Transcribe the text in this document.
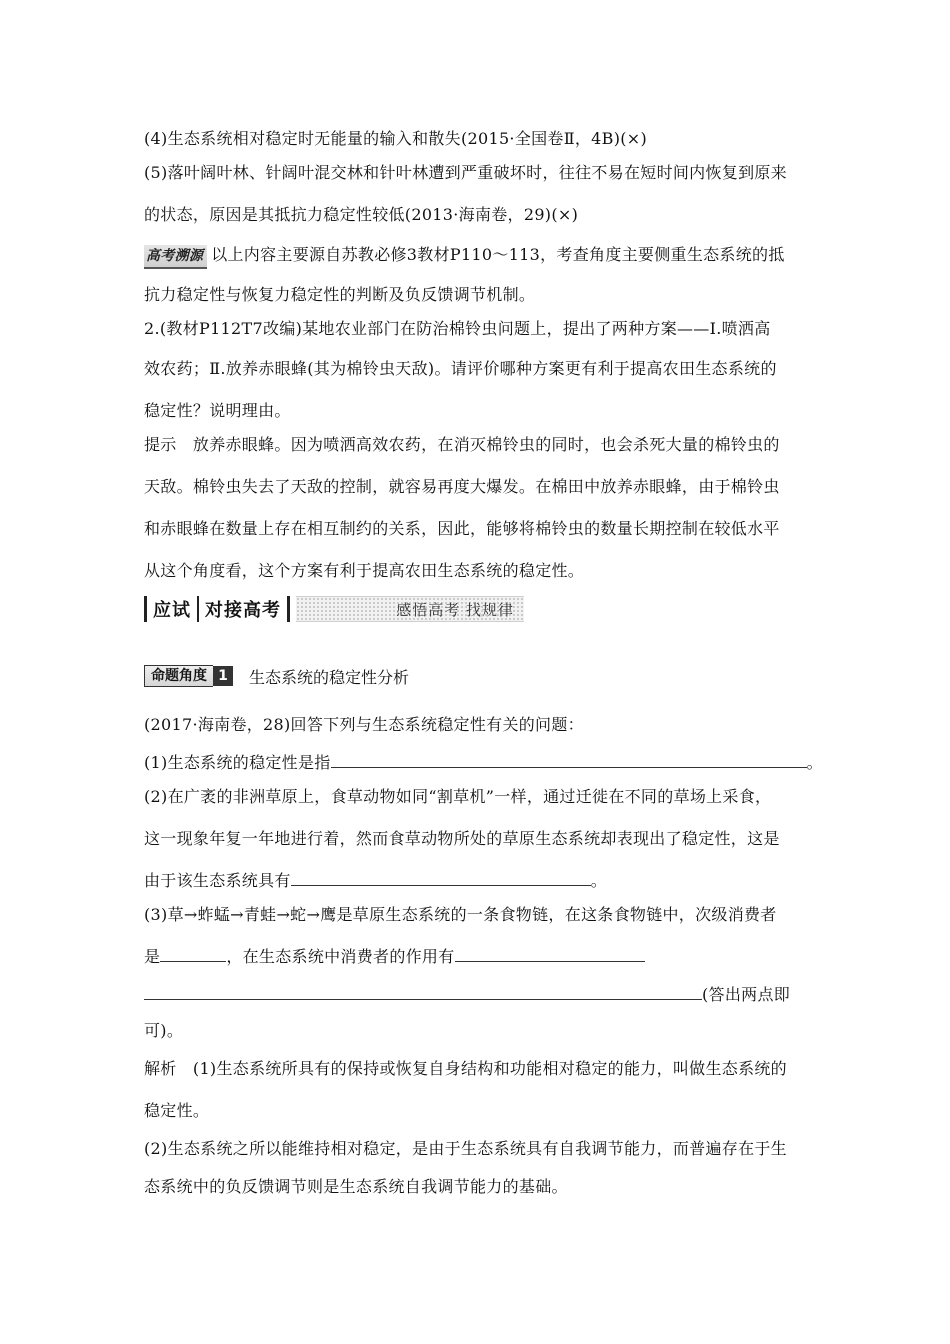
(4)生态系统相对稳定时无能量的输入和散失(2015·全国卷Ⅱ，4B)(×)
(5)落叶阔叶林、针阔叶混交林和针叶林遭到严重破坏时，往往不易在短时间内恢复到原来
的状态，原因是其抵抗力稳定性较低(2013·海南卷，29)(×)
高考溯源 以上内容主要源自苏教必修3教材P110～113，考查角度主要侧重生态系统的抵
抗力稳定性与恢复力稳定性的判断及负反馈调节机制。
2.(教材P112T7改编)某地农业部门在防治棉铃虫问题上，提出了两种方案——Ⅰ.喷洒高
效农药；Ⅱ.放养赤眼蜂(其为棉铃虫天敌)。请评价哪种方案更有利于提高农田生态系统的
稳定性？说明理由。
提示　放养赤眼蜂。因为喷洒高效农药，在消灭棉铃虫的同时，也会杀死大量的棉铃虫的
天敌。棉铃虫失去了天敌的控制，就容易再度大爆发。在棉田中放养赤眼蜂，由于棉铃虫
和赤眼蜂在数量上存在相互制约的关系，因此，能够将棉铃虫的数量长期控制在较低水平
从这个角度看，这个方案有利于提高农田生态系统的稳定性。
应试 对接高考	感悟高考 找规律
命题角度 1	生态系统的稳定性分析
(2017·海南卷，28)回答下列与生态系统稳定性有关的问题：
(1)生态系统的稳定性是指	。
(2)在广袤的非洲草原上，食草动物如同“割草机”一样，通过迁徙在不同的草场上采食，
这一现象年复一年地进行着，然而食草动物所处的草原生态系统却表现出了稳定性，这是
由于该生态系统具有	。
(3)草→蚱蜢→青蛙→蛇→鹰是草原生态系统的一条食物链，在这条食物链中，次级消费者
是	，在生态系统中消费者的作用有
(答出两点即
可)。
解析　(1)生态系统所具有的保持或恢复自身结构和功能相对稳定的能力，叫做生态系统的
稳定性。
(2)生态系统之所以能维持相对稳定，是由于生态系统具有自我调节能力，而普遍存在于生
态系统中的负反馈调节则是生态系统自我调节能力的基础。
